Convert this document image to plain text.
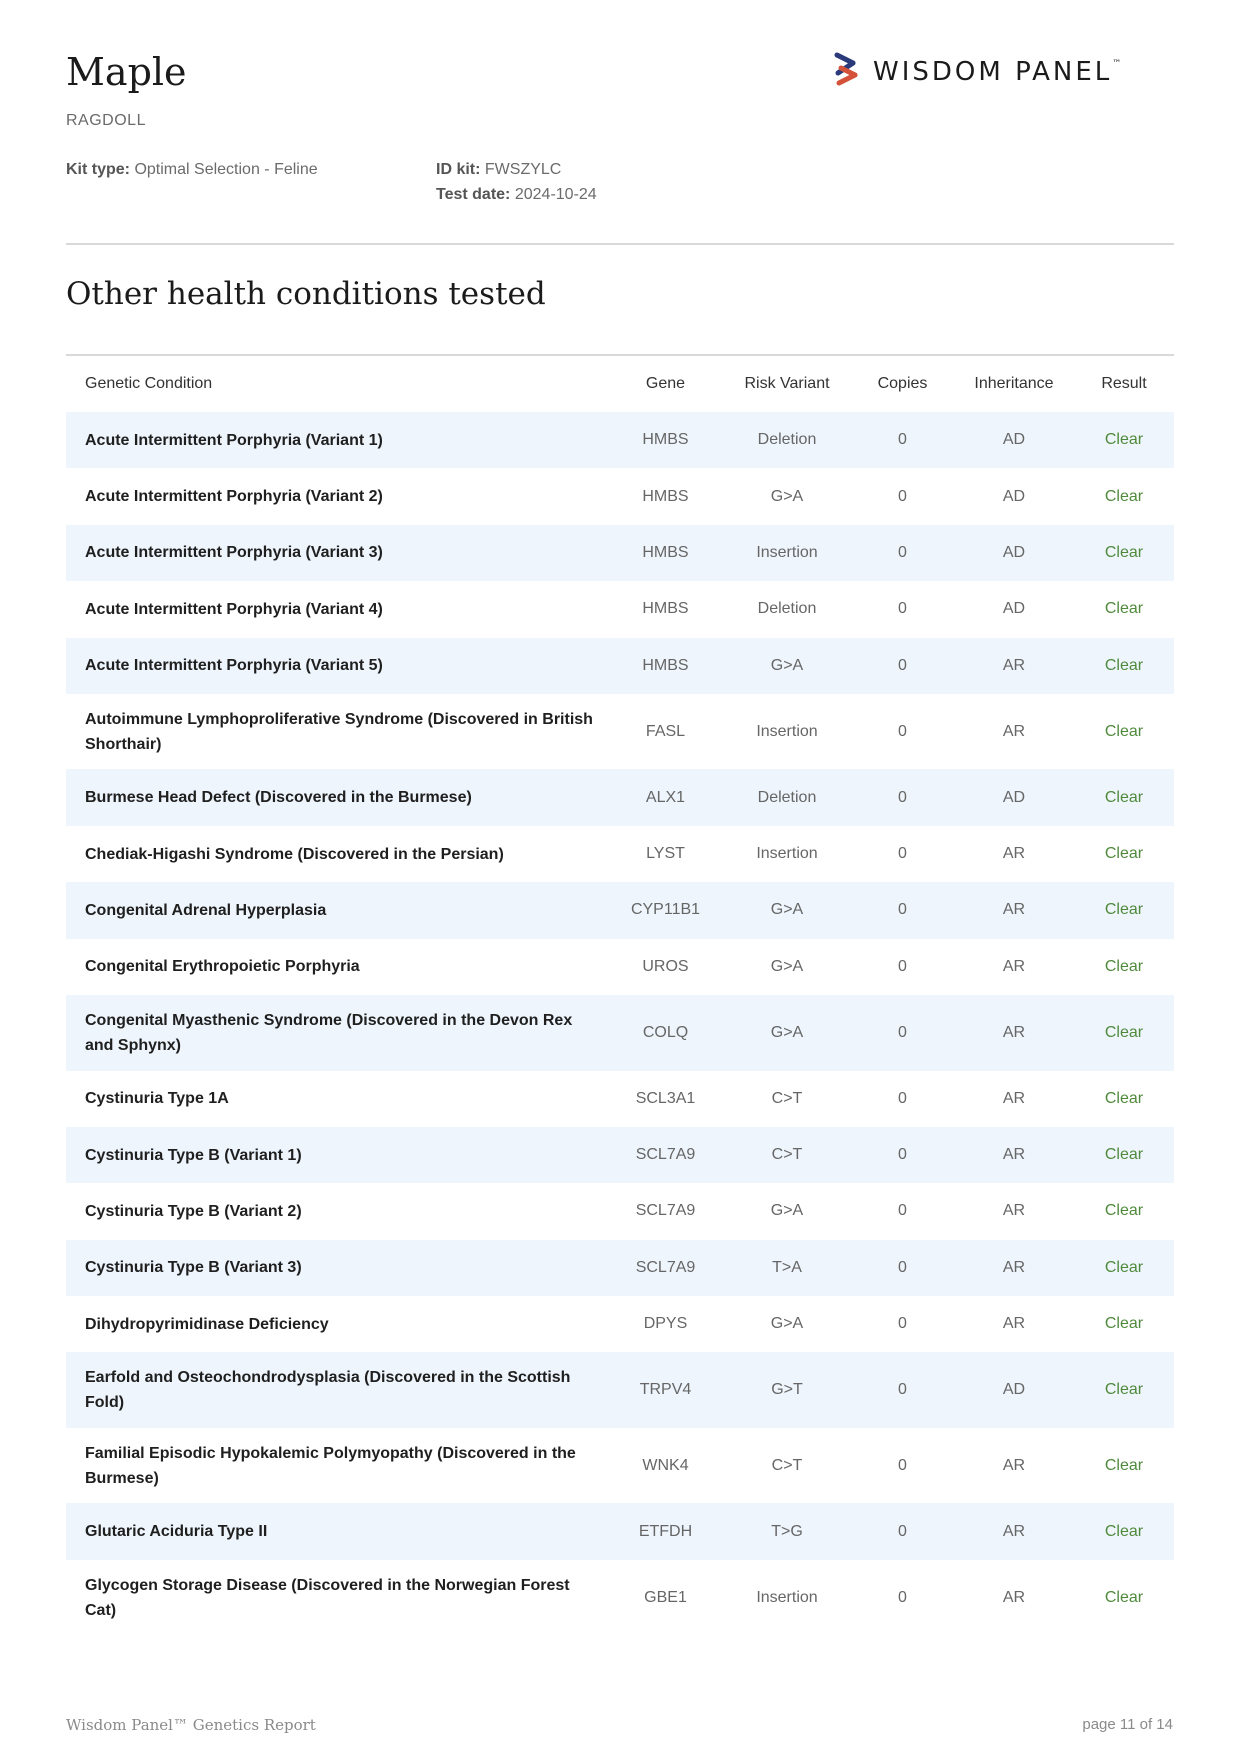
Maple
RAGDOLL
Kit type: Optimal Selection - Feline	ID kit: FWSZYLC
Test date: 2024-10-24
WISDOM PANEL™
Other health conditions tested
Genetic Condition	Gene	Risk Variant	Copies	Inheritance	Result
Acute Intermittent Porphyria (Variant 1)	HMBS	Deletion	0	AD	Clear
Acute Intermittent Porphyria (Variant 2)	HMBS	G>A	0	AD	Clear
Acute Intermittent Porphyria (Variant 3)	HMBS	Insertion	0	AD	Clear
Acute Intermittent Porphyria (Variant 4)	HMBS	Deletion	0	AD	Clear
Acute Intermittent Porphyria (Variant 5)	HMBS	G>A	0	AR	Clear
Autoimmune Lymphoproliferative Syndrome (Discovered in British Shorthair)	FASL	Insertion	0	AR	Clear
Burmese Head Defect (Discovered in the Burmese)	ALX1	Deletion	0	AD	Clear
Chediak-Higashi Syndrome (Discovered in the Persian)	LYST	Insertion	0	AR	Clear
Congenital Adrenal Hyperplasia	CYP11B1	G>A	0	AR	Clear
Congenital Erythropoietic Porphyria	UROS	G>A	0	AR	Clear
Congenital Myasthenic Syndrome (Discovered in the Devon Rex and Sphynx)	COLQ	G>A	0	AR	Clear
Cystinuria Type 1A	SCL3A1	C>T	0	AR	Clear
Cystinuria Type B (Variant 1)	SCL7A9	C>T	0	AR	Clear
Cystinuria Type B (Variant 2)	SCL7A9	G>A	0	AR	Clear
Cystinuria Type B (Variant 3)	SCL7A9	T>A	0	AR	Clear
Dihydropyrimidinase Deficiency	DPYS	G>A	0	AR	Clear
Earfold and Osteochondrodysplasia (Discovered in the Scottish Fold)	TRPV4	G>T	0	AD	Clear
Familial Episodic Hypokalemic Polymyopathy (Discovered in the Burmese)	WNK4	C>T	0	AR	Clear
Glutaric Aciduria Type II	ETFDH	T>G	0	AR	Clear
Glycogen Storage Disease (Discovered in the Norwegian Forest Cat)	GBE1	Insertion	0	AR	Clear
Wisdom Panel™ Genetics Report	page 11 of 14
